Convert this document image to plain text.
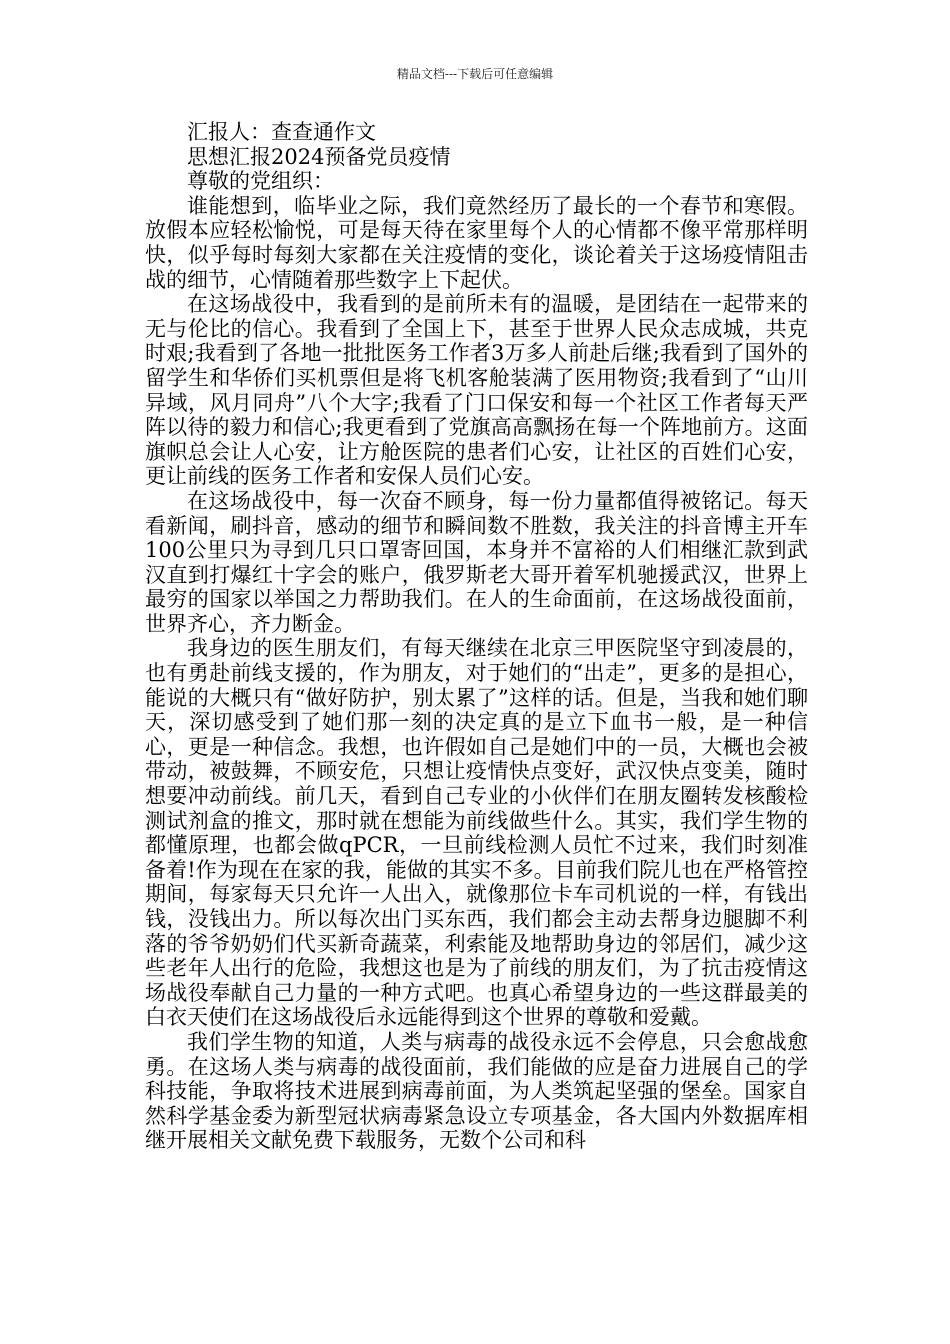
精品文档---下载后可任意编辑
汇报人：查查通作文
思想汇报2024预备党员疫情
尊敬的党组织：

谁能想到，临毕业之际，我们竟然经历了最长的一个春节和寒假。放假本应轻松愉悦，可是每天待在家里每个人的心情都不像平常那样明快，似乎每时每刻大家都在关注疫情的变化，谈论着关于这场疫情阻击战的细节，心情随着那些数字上下起伏。

在这场战役中，我看到的是前所未有的温暖，是团结在一起带来的无与伦比的信心。我看到了全国上下，甚至于世界人民众志成城，共克时艰;我看到了各地一批批医务工作者3万多人前赴后继;我看到了国外的留学生和华侨们买机票但是将飞机客舱装满了医用物资;我看到了“山川异域，风月同舟”八个大字;我看了门口保安和每一个社区工作者每天严阵以待的毅力和信心;我更看到了党旗高高飘扬在每一个阵地前方。这面旗帜总会让人心安，让方舱医院的患者们心安，让社区的百姓们心安，更让前线的医务工作者和安保人员们心安。

在这场战役中，每一次奋不顾身，每一份力量都值得被铭记。每天看新闻，刷抖音，感动的细节和瞬间数不胜数，我关注的抖音博主开车100公里只为寻到几只口罩寄回国，本身并不富裕的人们相继汇款到武汉直到打爆红十字会的账户，俄罗斯老大哥开着军机驰援武汉，世界上最穷的国家以举国之力帮助我们。在人的生命面前，在这场战役面前，世界齐心，齐力断金。

我身边的医生朋友们，有每天继续在北京三甲医院坚守到凌晨的，也有勇赴前线支援的，作为朋友，对于她们的“出走”，更多的是担心，能说的大概只有“做好防护，别太累了”这样的话。但是，当我和她们聊天，深切感受到了她们那一刻的决定真的是立下血书一般，是一种信心，更是一种信念。我想，也许假如自己是她们中的一员，大概也会被带动，被鼓舞，不顾安危，只想让疫情快点变好，武汉快点变美，随时想要冲动前线。前几天，看到自己专业的小伙伴们在朋友圈转发核酸检测试剂盒的推文，那时就在想能为前线做些什么。其实，我们学生物的都懂原理，也都会做qPCR，一旦前线检测人员忙不过来，我们时刻准备着!作为现在在家的我，能做的其实不多。目前我们院儿也在严格管控期间，每家每天只允许一人出入，就像那位卡车司机说的一样，有钱出钱，没钱出力。所以每次出门买东西，我们都会主动去帮身边腿脚不利落的爷爷奶奶们代买新奇蔬菜，利索能及地帮助身边的邻居们，减少这些老年人出行的危险，我想这也是为了前线的朋友们，为了抗击疫情这场战役奉献自己力量的一种方式吧。也真心希望身边的一些这群最美的白衣天使们在这场战役后永远能得到这个世界的尊敬和爱戴。

我们学生物的知道，人类与病毒的战役永远不会停息，只会愈战愈勇。在这场人类与病毒的战役面前，我们能做的应是奋力进展自己的学科技能，争取将技术进展到病毒前面，为人类筑起坚强的堡垒。国家自然科学基金委为新型冠状病毒紧急设立专项基金，各大国内外数据库相继开展相关文献免费下载服务，无数个公司和科
